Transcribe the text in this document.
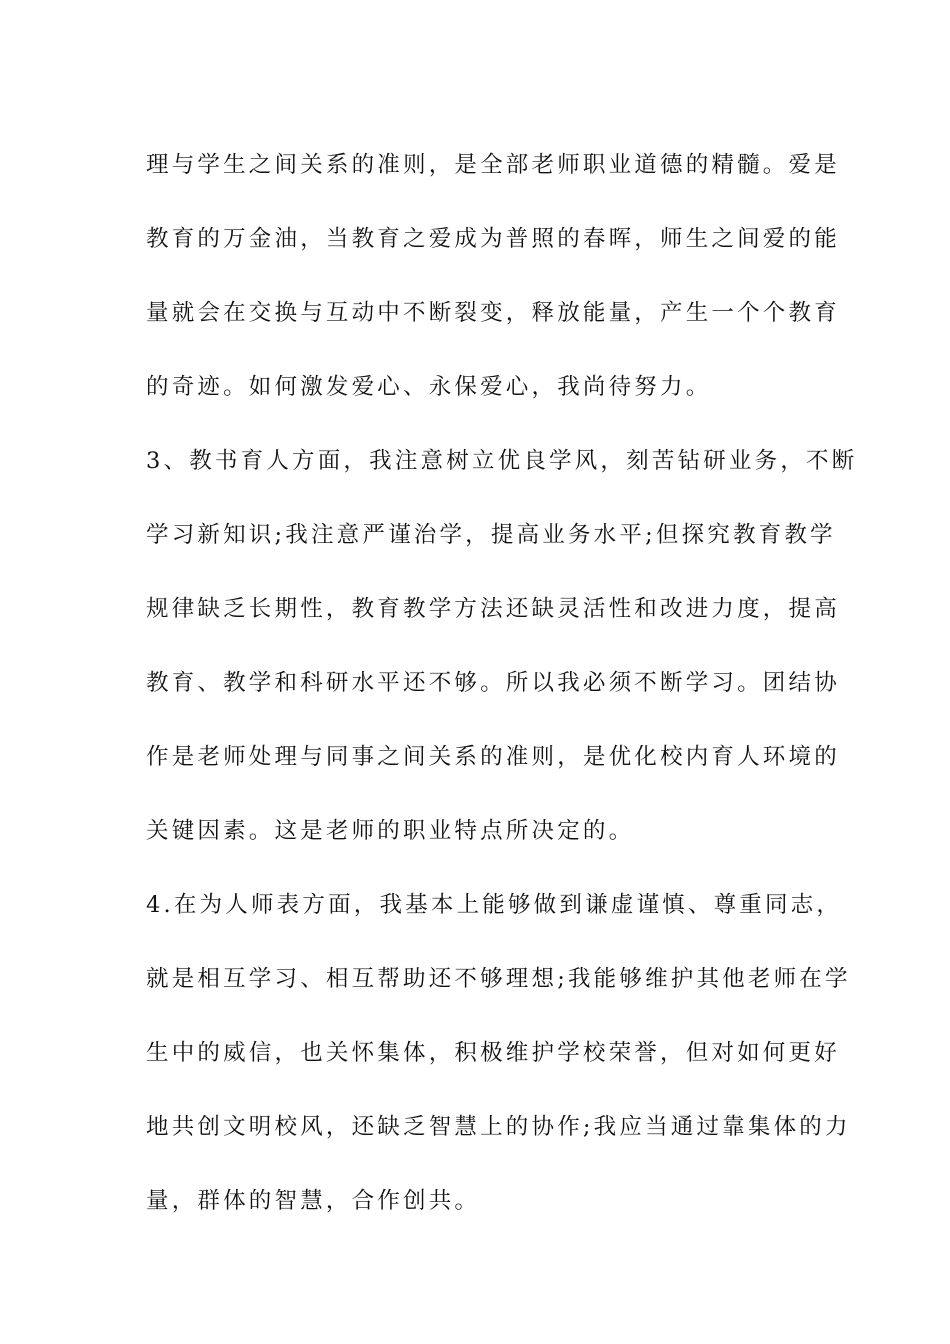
理与学生之间关系的准则，是全部老师职业道德的精髓。爱是
教育的万金油，当教育之爱成为普照的春晖，师生之间爱的能
量就会在交换与互动中不断裂变，释放能量，产生一个个教育
的奇迹。如何激发爱心、永保爱心，我尚待努力。
3、教书育人方面，我注意树立优良学风，刻苦钻研业务，不断
学习新知识;我注意严谨治学，提高业务水平;但探究教育教学
规律缺乏长期性，教育教学方法还缺灵活性和改进力度，提高
教育、教学和科研水平还不够。所以我必须不断学习。团结协
作是老师处理与同事之间关系的准则，是优化校内育人环境的
关键因素。这是老师的职业特点所决定的。
4.在为人师表方面，我基本上能够做到谦虚谨慎、尊重同志，
就是相互学习、相互帮助还不够理想;我能够维护其他老师在学
生中的威信，也关怀集体，积极维护学校荣誉，但对如何更好
地共创文明校风，还缺乏智慧上的协作;我应当通过靠集体的力
量，群体的智慧，合作创共。
